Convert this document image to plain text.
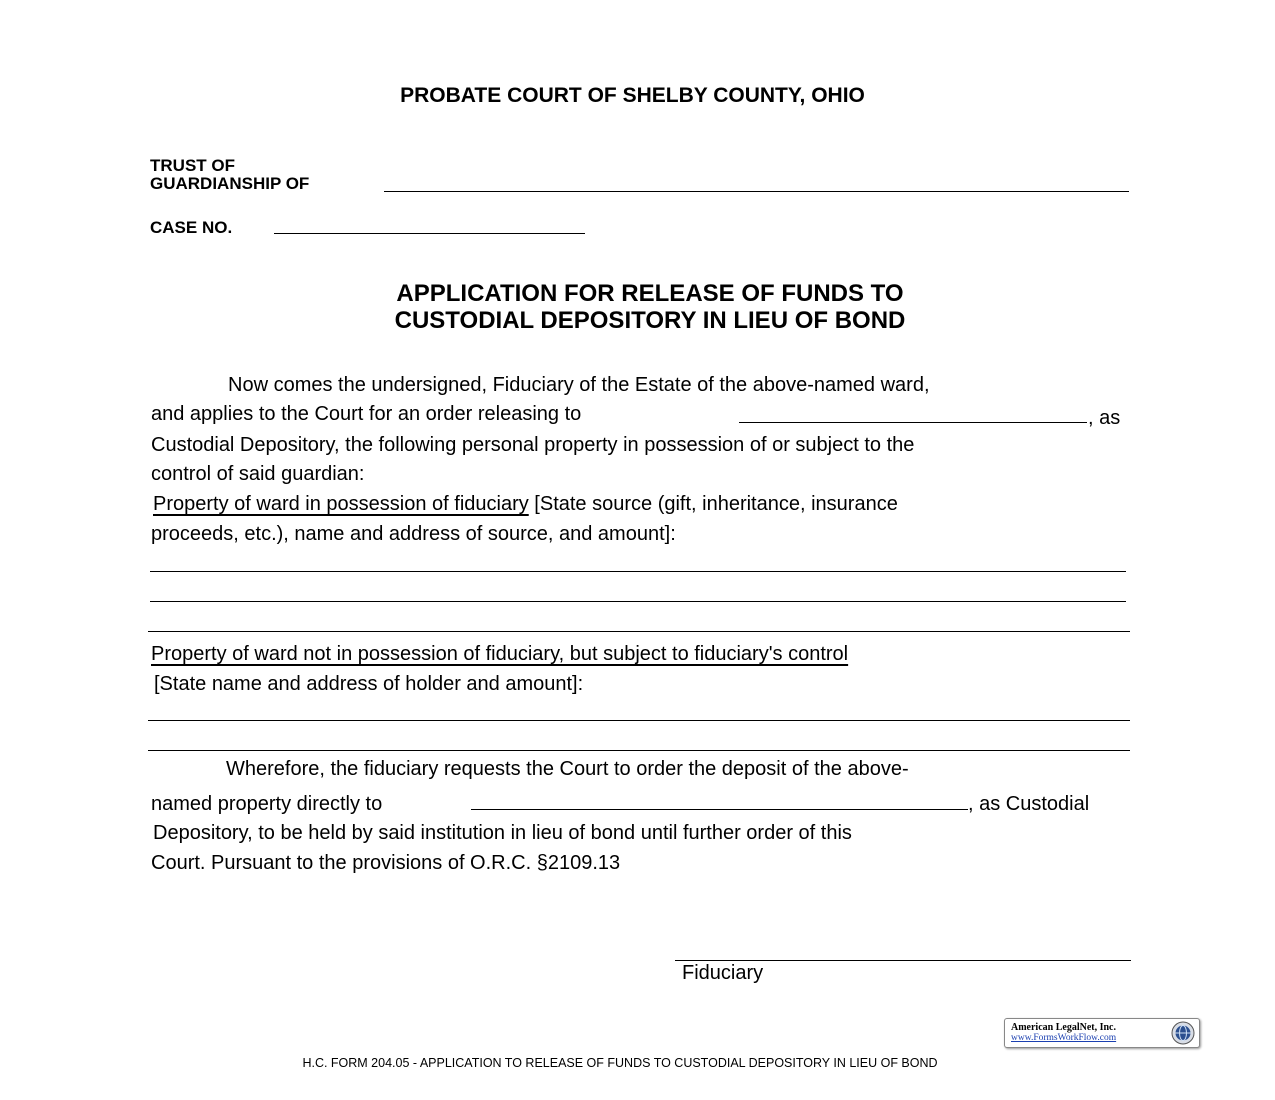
PROBATE COURT OF SHELBY COUNTY, OHIO
TRUST OF
GUARDIANSHIP OF
CASE NO.
APPLICATION FOR RELEASE OF FUNDS TO
CUSTODIAL DEPOSITORY IN LIEU OF BOND
Now comes the undersigned, Fiduciary of the Estate of the above-named ward,
and applies to the Court for an order releasing to	, as
Custodial Depository, the following personal property in possession of or subject to the
control of said guardian:
Property of ward in possession of fiduciary [State source (gift, inheritance, insurance
proceeds, etc.), name and address of source, and amount]:
Property of ward not in possession of fiduciary, but subject to fiduciary's control
[State name and address of holder and amount]:
Wherefore, the fiduciary requests the Court to order the deposit of the above-
named property directly to	, as Custodial
Depository, to be held by said institution in lieu of bond until further order of this
Court. Pursuant to the provisions of O.R.C. §2109.13
Fiduciary
American LegalNet, Inc.
www.FormsWorkFlow.com
H.C. FORM 204.05 - APPLICATION TO RELEASE OF FUNDS TO CUSTODIAL DEPOSITORY IN LIEU OF BOND
